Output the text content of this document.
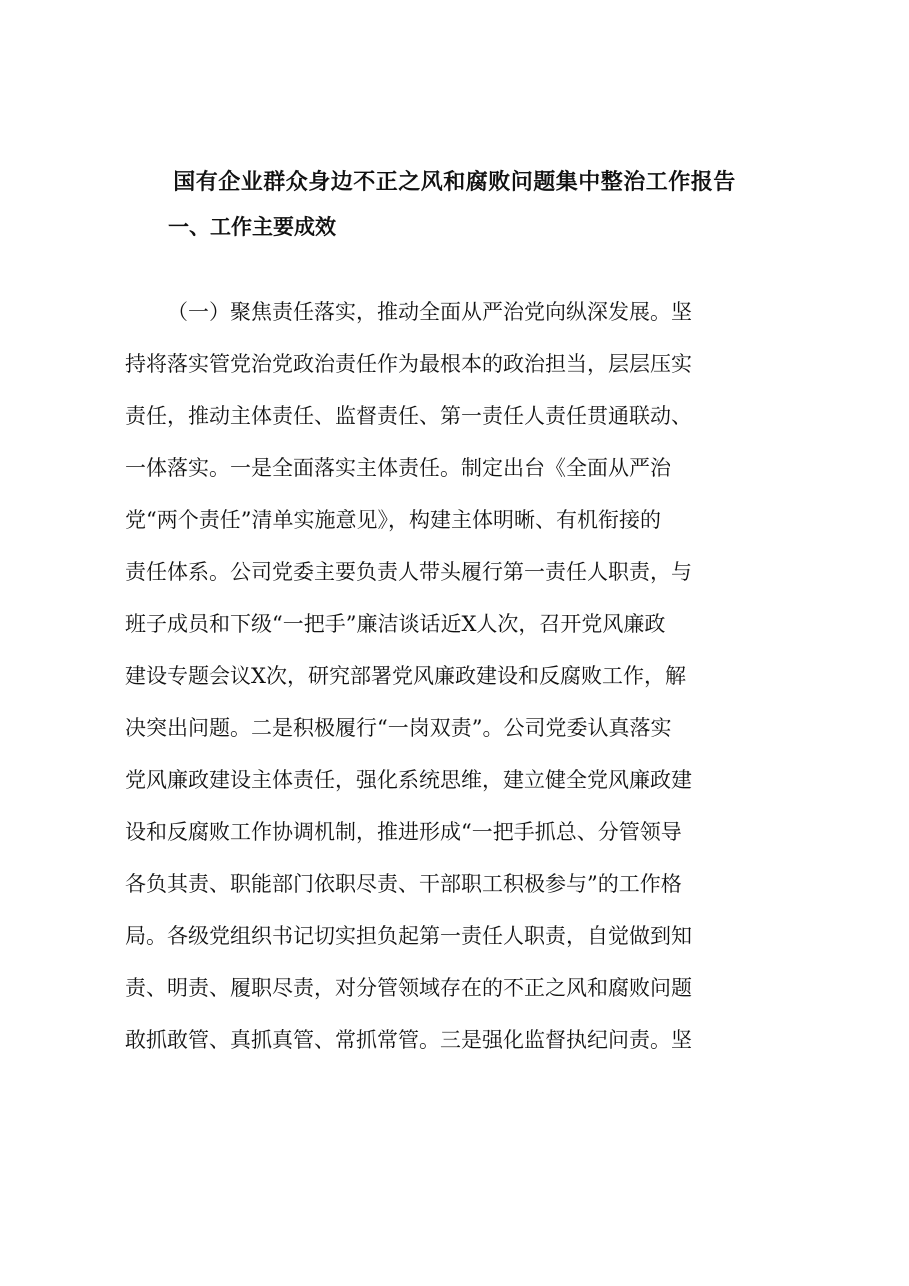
国有企业群众身边不正之风和腐败问题集中整治工作报告
一、工作主要成效
（一）聚焦责任落实，推动全面从严治党向纵深发展。坚
持将落实管党治党政治责任作为最根本的政治担当，层层压实
责任，推动主体责任、监督责任、第一责任人责任贯通联动、
一体落实。一是全面落实主体责任。制定出台《全面从严治
党“两个责任”清单实施意见》，构建主体明晰、有机衔接的
责任体系。公司党委主要负责人带头履行第一责任人职责，与
班子成员和下级“一把手”廉洁谈话近X人次，召开党风廉政
建设专题会议X次，研究部署党风廉政建设和反腐败工作，解
决突出问题。二是积极履行“一岗双责”。公司党委认真落实
党风廉政建设主体责任，强化系统思维，建立健全党风廉政建
设和反腐败工作协调机制，推进形成“一把手抓总、分管领导
各负其责、职能部门依职尽责、干部职工积极参与”的工作格
局。各级党组织书记切实担负起第一责任人职责，自觉做到知
责、明责、履职尽责，对分管领域存在的不正之风和腐败问题
敢抓敢管、真抓真管、常抓常管。三是强化监督执纪问责。坚
